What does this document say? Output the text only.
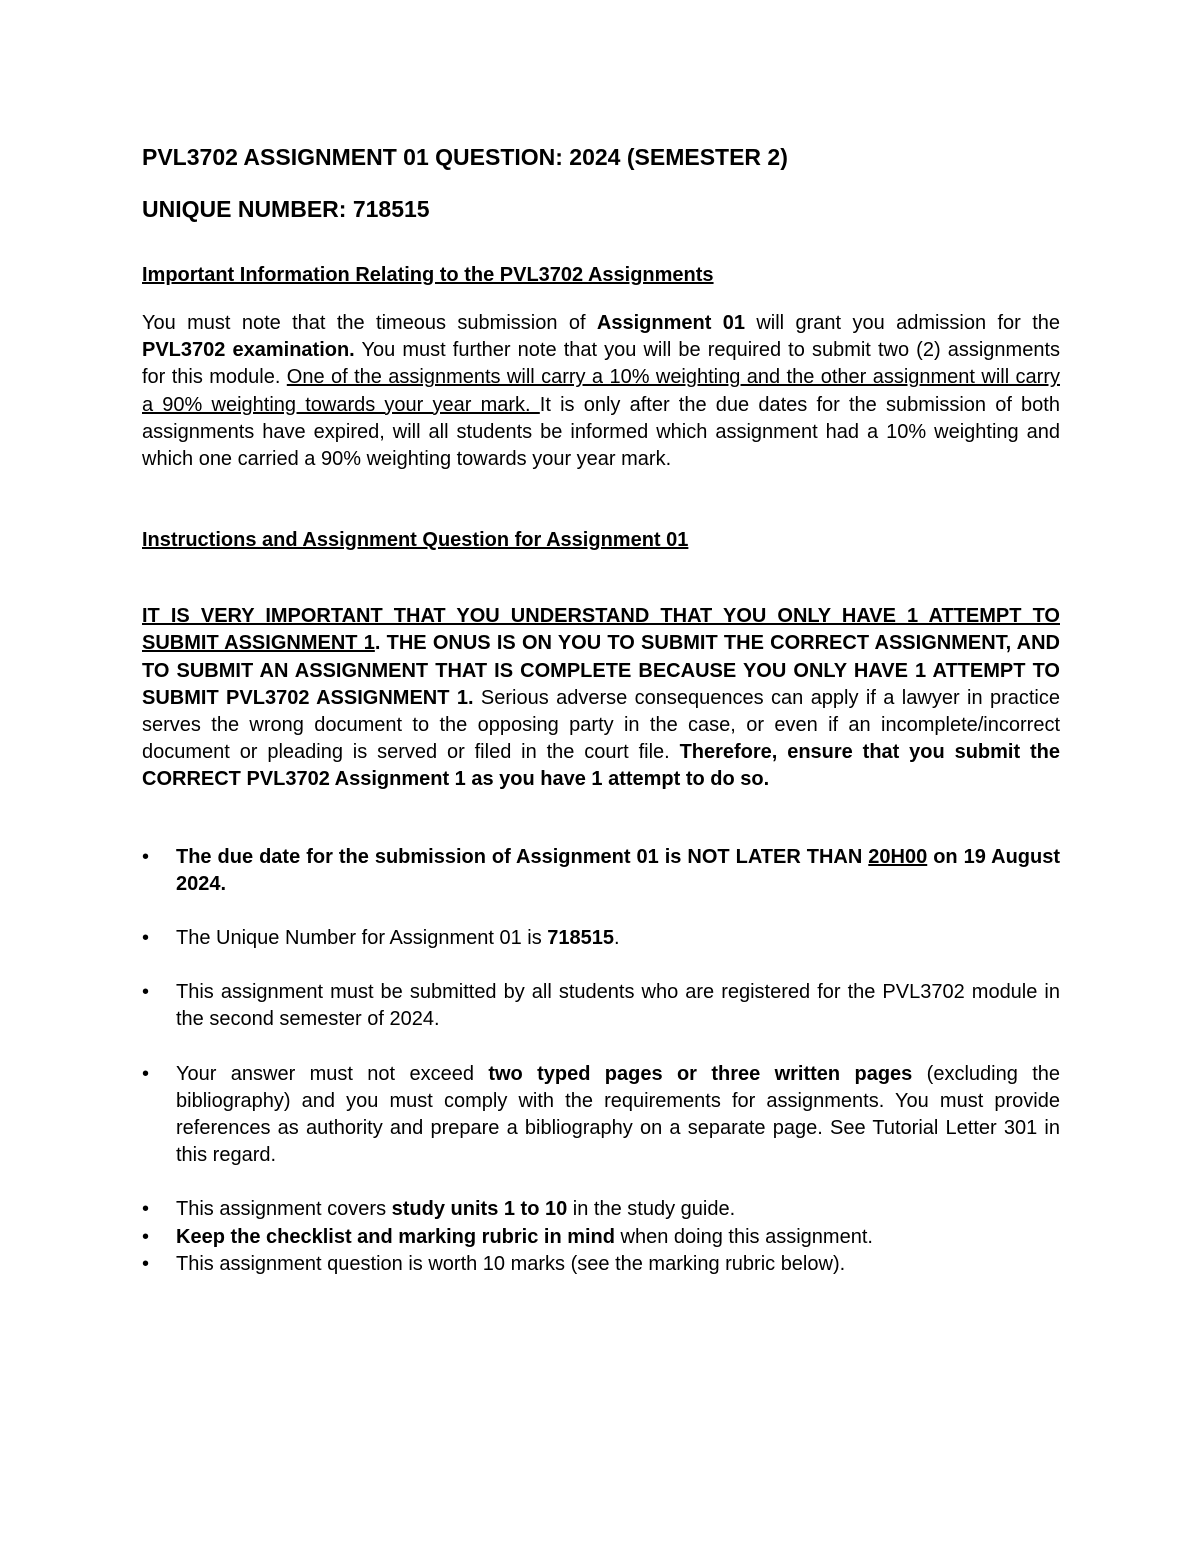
PVL3702 ASSIGNMENT 01 QUESTION: 2024 (SEMESTER 2)
UNIQUE NUMBER: 718515
Important Information Relating to the PVL3702 Assignments

You must note that the timeous submission of Assignment 01 will grant you admission for the PVL3702 examination. You must further note that you will be required to submit two (2) assignments for this module. One of the assignments will carry a 10% weighting and the other assignment will carry a 90% weighting towards your year mark. It is only after the due dates for the submission of both assignments have expired, will all students be informed which assignment had a 10% weighting and which one carried a 90% weighting towards your year mark.

Instructions and Assignment Question for Assignment 01

IT IS VERY IMPORTANT THAT YOU UNDERSTAND THAT YOU ONLY HAVE 1 ATTEMPT TO SUBMIT ASSIGNMENT 1. THE ONUS IS ON YOU TO SUBMIT THE CORRECT ASSIGNMENT, AND TO SUBMIT AN ASSIGNMENT THAT IS COMPLETE BECAUSE YOU ONLY HAVE 1 ATTEMPT TO SUBMIT PVL3702 ASSIGNMENT 1. Serious adverse consequences can apply if a lawyer in practice serves the wrong document to the opposing party in the case, or even if an incomplete/incorrect document or pleading is served or filed in the court file. Therefore, ensure that you submit the CORRECT PVL3702 Assignment 1 as you have 1 attempt to do so.

•	The due date for the submission of Assignment 01 is NOT LATER THAN 20H00 on 19 August 2024.
•	The Unique Number for Assignment 01 is 718515.
•	This assignment must be submitted by all students who are registered for the PVL3702 module in the second semester of 2024.
•	Your answer must not exceed two typed pages or three written pages (excluding the bibliography) and you must comply with the requirements for assignments. You must provide references as authority and prepare a bibliography on a separate page. See Tutorial Letter 301 in this regard.
•	This assignment covers study units 1 to 10 in the study guide.
•	Keep the checklist and marking rubric in mind when doing this assignment.
•	This assignment question is worth 10 marks (see the marking rubric below).
